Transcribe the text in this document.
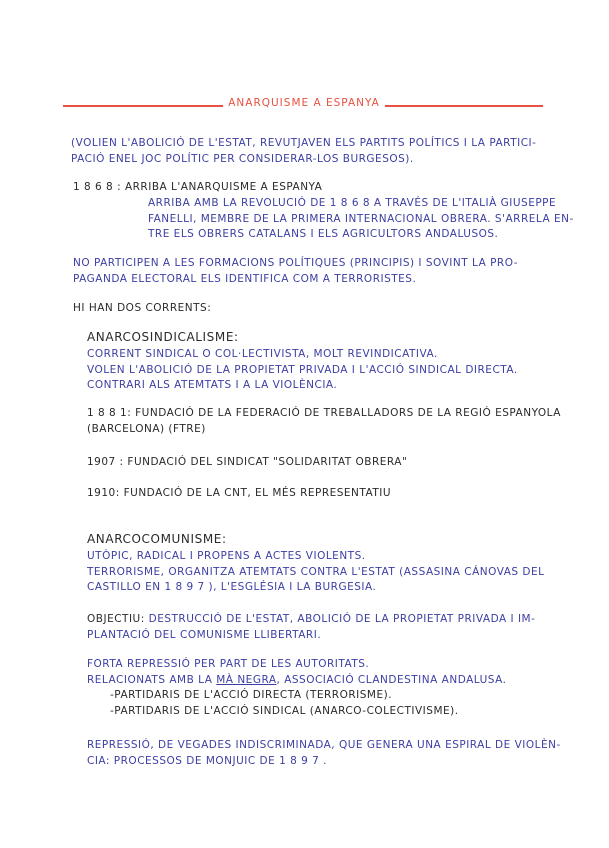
ANARQUISME A ESPANYA
(VOLIEN L'ABOLICIÓ DE L'ESTAT, REVUTJAVEN ELS PARTITS POLÍTICS I LA PARTICI-
PACIÓ ENEL JOC POLÍTIC PER CONSIDERAR-LOS BURGESOS).
1 8 6 8 : ARRIBA L'ANARQUISME A ESPANYA
ARRIBA AMB LA REVOLUCIÓ DE 1 8 6 8 A TRAVÉS DE L'ITALIÀ GIUSEPPE
FANELLI, MEMBRE DE LA PRIMERA INTERNACIONAL OBRERA. S'ARRELA EN-
TRE ELS OBRERS CATALANS I ELS AGRICULTORS ANDALUSOS.
NO PARTICIPEN A LES FORMACIONS POLÍTIQUES (PRINCIPIS) I SOVINT LA PRO-
PAGANDA ELECTORAL ELS IDENTIFICA COM A TERRORISTES.
HI HAN DOS CORRENTS:
ANARCOSINDICALISME:
CORRENT SINDICAL O COL·LECTIVISTA, MOLT REVINDICATIVA.
VOLEN L'ABOLICIÓ DE LA PROPIETAT PRIVADA I L'ACCIÓ SINDICAL DIRECTA.
CONTRARI ALS ATEMTATS I A LA VIOLÈNCIA.
1 8 8 1: FUNDACIÓ DE LA FEDERACIÓ DE TREBALLADORS DE LA REGIÓ ESPANYOLA
(BARCELONA) (FTRE)
1907 : FUNDACIÓ DEL SINDICAT "SOLIDARITAT OBRERA"
1910: FUNDACIÓ DE LA CNT, EL MÉS REPRESENTATIU
ANARCOCOMUNISME:
UTÒPIC, RADICAL I PROPENS A ACTES VIOLENTS.
TERRORISME, ORGANITZA ATEMTATS CONTRA L'ESTAT (ASSASINA CÁNOVAS DEL
CASTILLO EN 1 8 9 7 ), L'ESGLÉSIA I LA BURGESIA.
OBJECTIU: DESTRUCCIÓ DE L'ESTAT, ABOLICIÓ DE LA PROPIETAT PRIVADA I IM-
PLANTACIÓ DEL COMUNISME LLIBERTARI.
FORTA REPRESSIÓ PER PART DE LES AUTORITATS.
RELACIONATS AMB LA MÀ NEGRA, ASSOCIACIÓ CLANDESTINA ANDALUSA.
-PARTIDARIS DE L'ACCIÓ DIRECTA (TERRORISME).
-PARTIDARIS DE L'ACCIÓ SINDICAL (ANARCO-COLECTIVISME).
REPRESSIÓ, DE VEGADES INDISCRIMINADA, QUE GENERA UNA ESPIRAL DE VIOLÈN-
CIA: PROCESSOS DE MONJUIC DE 1 8 9 7 .
